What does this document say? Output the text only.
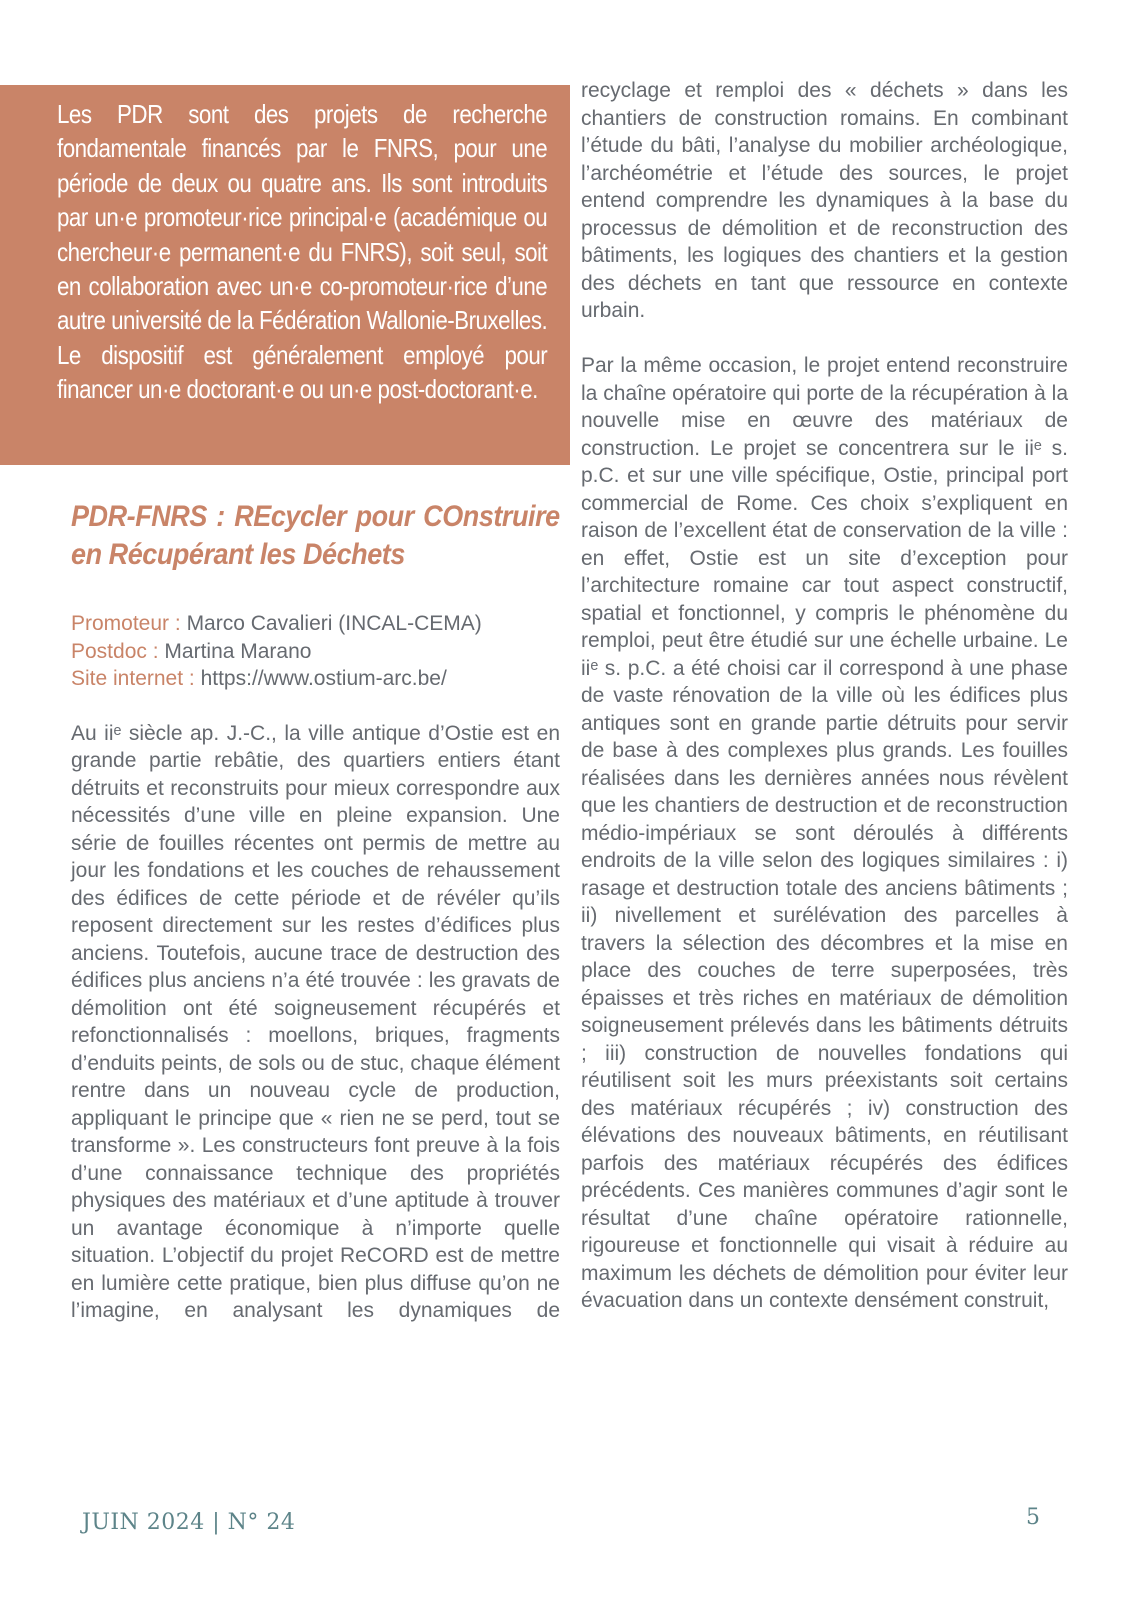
Les PDR sont des projets de recherche fondamentale financés par le FNRS, pour une période de deux ou quatre ans. Ils sont introduits par un·e promoteur·rice principal·e (académique ou chercheur·e permanent·e du FNRS), soit seul, soit en collaboration avec un·e co-promoteur·rice d’une autre université de la Fédération Wallonie-Bruxelles. Le dispositif est généralement employé pour financer un·e doctorant·e ou un·e post-doctorant·e.

PDR-FNRS : REcycler pour COnstruire en Récupérant les Déchets

Promoteur : Marco Cavalieri (INCAL-CEMA)

Postdoc : Martina Marano

Site internet : https://www.ostium-arc.be/

Au iiᵉ siècle ap. J.-C., la ville antique d’Ostie est en grande partie rebâtie, des quartiers entiers étant détruits et reconstruits pour mieux correspondre aux nécessités d’une ville en pleine expansion. Une série de fouilles récentes ont permis de mettre au jour les fondations et les couches de rehaussement des édifices de cette période et de révéler qu’ils reposent directement sur les restes d’édifices plus anciens. Toutefois, aucune trace de destruction des édifices plus anciens n’a été trouvée : les gravats de démolition ont été soigneusement récupérés et refonctionnalisés : moellons, briques, fragments d’enduits peints, de sols ou de stuc, chaque élément rentre dans un nouveau cycle de production, appliquant le principe que « rien ne se perd, tout se transforme ». Les constructeurs font preuve à la fois d’une connaissance technique des propriétés physiques des matériaux et d’une aptitude à trouver un avantage économique à n’importe quelle situation. L’objectif du projet ReCORD est de mettre en lumière cette pratique, bien plus diffuse qu’on ne l’imagine, en analysant les dynamiques de

recyclage et remploi des « déchets » dans les chantiers de construction romains. En combinant l’étude du bâti, l’analyse du mobilier archéologique, l’archéométrie et l’étude des sources, le projet entend comprendre les dynamiques à la base du processus de démolition et de reconstruction des bâtiments, les logiques des chantiers et la gestion des déchets en tant que ressource en contexte urbain.

Par la même occasion, le projet entend reconstruire la chaîne opératoire qui porte de la récupération à la nouvelle mise en œuvre des matériaux de construction. Le projet se concentrera sur le iiᵉ s. p.C. et sur une ville spécifique, Ostie, principal port commercial de Rome. Ces choix s’expliquent en raison de l’excellent état de conservation de la ville : en effet, Ostie est un site d’exception pour l’architecture romaine car tout aspect constructif, spatial et fonctionnel, y compris le phénomène du remploi, peut être étudié sur une échelle urbaine. Le iiᵉ s. p.C. a été choisi car il correspond à une phase de vaste rénovation de la ville où les édifices plus antiques sont en grande partie détruits pour servir de base à des complexes plus grands. Les fouilles réalisées dans les dernières années nous révèlent que les chantiers de destruction et de reconstruction médio-impériaux se sont déroulés à différents endroits de la ville selon des logiques similaires : i) rasage et destruction totale des anciens bâtiments ; ii) nivellement et surélévation des parcelles à travers la sélection des décombres et la mise en place des couches de terre superposées, très épaisses et très riches en matériaux de démolition soigneusement prélevés dans les bâtiments détruits ; iii) construction de nouvelles fondations qui réutilisent soit les murs préexistants soit certains des matériaux récupérés ; iv) construction des élévations des nouveaux bâtiments, en réutilisant parfois des matériaux récupérés des édifices précédents. Ces manières communes d’agir sont le résultat d’une chaîne opératoire rationnelle, rigoureuse et fonctionnelle qui visait à réduire au maximum les déchets de démolition pour éviter leur évacuation dans un contexte densément construit,

JUIN 2024 | N° 24	5
